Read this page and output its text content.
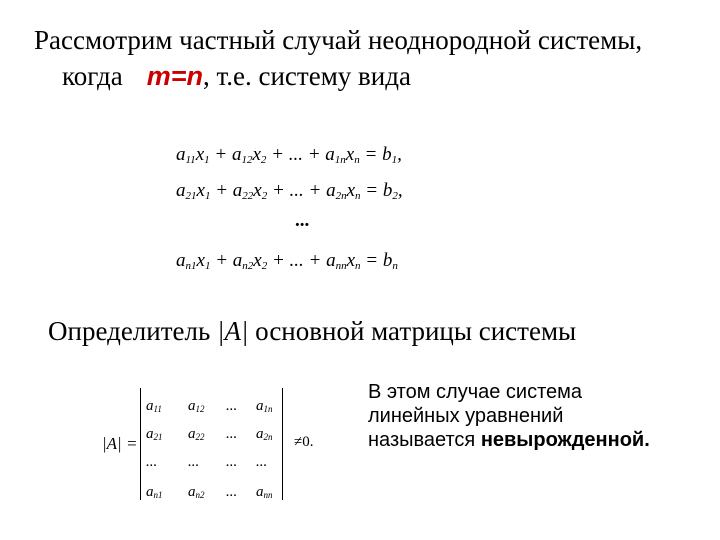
Рассмотрим частный случай неоднородной системы,
когда m=n, т.е. систему вида
$a_{11}x_1 + a_{12}x_2$ + ... + $a_{1n}x_n = b_1$,
$a_{21}x_1 + a_{22}x_2$ + ... + $a_{2n}x_n = b_2$,
...
$a_{n1}x_1 + a_{n2}x_2$ + ... + $a_{nn}x_n = b_n$
Определитель |A| основной матрицы системы
|A| =
$a_{11}$ $a_{12}$ ... $a_{1n}$
$a_{21}$ $a_{22}$ ... $a_{2n}$
... ... ... ...
$a_{n1}$ $a_{n2}$ ... $a_{nn}$
≠0.
В этом случае система
линейных уравнений
называется невырожденной.
